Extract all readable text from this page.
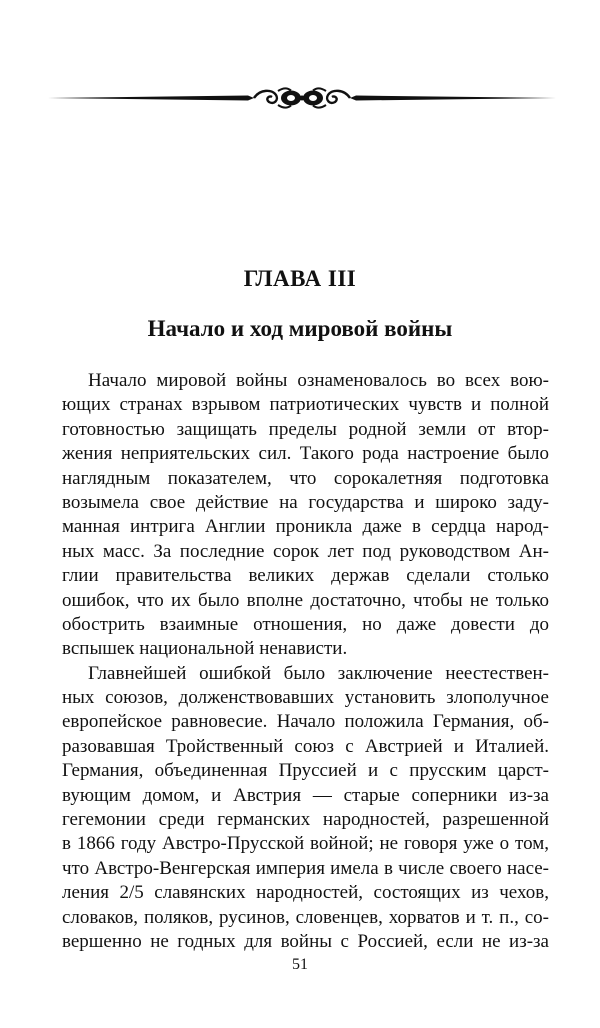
ГЛАВА III
Начало и ход мировой войны
Начало мировой войны ознаменовалось во всех вою-
ющих странах взрывом патриотических чувств и полной
готовностью защищать пределы родной земли от втор-
жения неприятельских сил. Такого рода настроение было
наглядным показателем, что сорокалетняя подготовка
возымела свое действие на государства и широко заду-
манная интрига Англии проникла даже в сердца народ-
ных масс. За последние сорок лет под руководством Ан-
глии правительства великих держав сделали столько
ошибок, что их было вполне достаточно, чтобы не только
обострить взаимные отношения, но даже довести до
вспышек национальной ненависти.
Главнейшей ошибкой было заключение неестествен-
ных союзов, долженствовавших установить злополучное
европейское равновесие. Начало положила Германия, об-
разовавшая Тройственный союз с Австрией и Италией.
Германия, объединенная Пруссией и с прусским царст-
вующим домом, и Австрия — старые соперники из-за
гегемонии среди германских народностей, разрешенной
в 1866 году Австро-Прусской войной; не говоря уже о том,
что Австро-Венгерская империя имела в числе своего насе-
ления 2/5 славянских народностей, состоящих из чехов,
словаков, поляков, русинов, словенцев, хорватов и т. п., со-
вершенно не годных для войны с Россией, если не из-за
51
